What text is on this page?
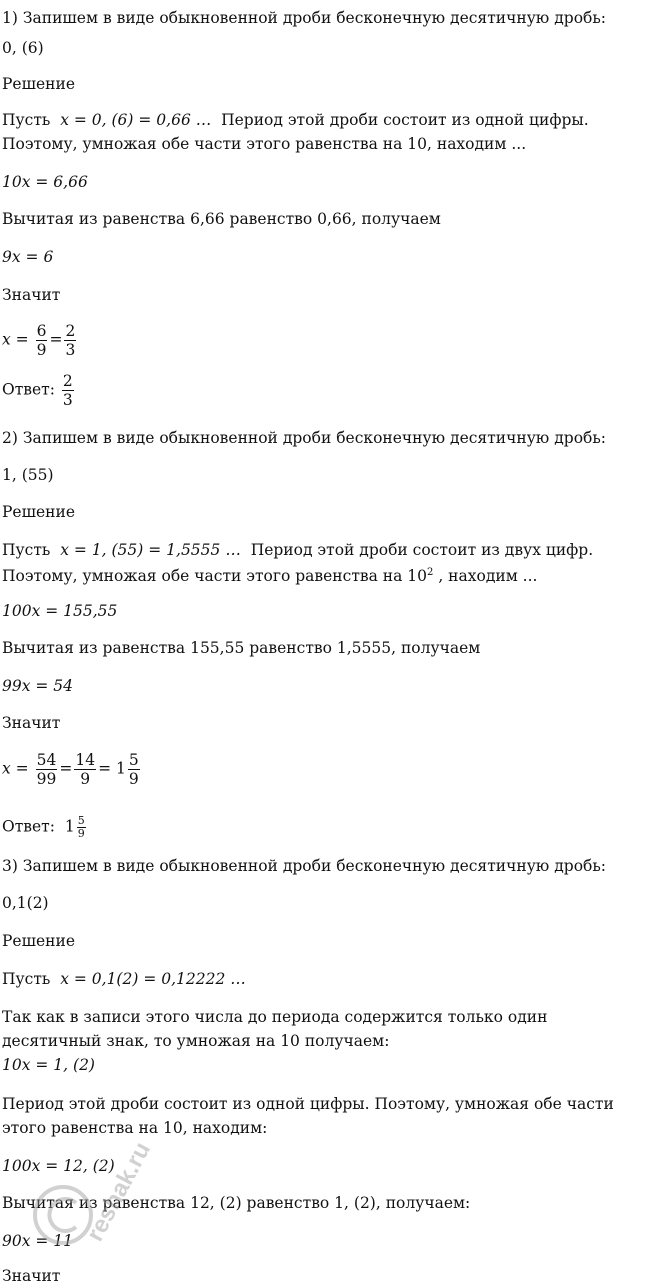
1) Запишем в виде обыкновенной дроби бесконечную десятичную дробь:
0, (6)
Решение
Пусть x = 0, (6) = 0,66 … Период этой дроби состоит из одной цифры.
Поэтому, умножая обе части этого равенства на 10, находим ...
10x = 6,66
Вычитая из равенства 6,66 равенство 0,66, получаем
9x = 6
Значит
$x = \frac{6}{9} = \frac{2}{3}$
Ответ: $\frac{2}{3}$
2) Запишем в виде обыкновенной дроби бесконечную десятичную дробь:
1, (55)
Решение
Пусть x = 1, (55) = 1,5555 … Период этой дроби состоит из двух цифр.
Поэтому, умножая обе части этого равенства на $10^2$ , находим ...
100x = 155,55
Вычитая из равенства 155,55 равенство 1,5555, получаем
99x = 54
Значит
$x = \frac{54}{99} = \frac{14}{9} = 1 \frac{5}{9}$
Ответ: $1 \frac{5}{9}$
3) Запишем в виде обыкновенной дроби бесконечную десятичную дробь:
0,1(2)
Решение
Пусть x = 0,1(2) = 0,12222 …
Так как в записи этого числа до периода содержится только один
десятичный знак, то умножая на 10 получаем:
10x = 1, (2)
Период этой дроби состоит из одной цифры. Поэтому, умножая обе части
этого равенства на 10, находим:
100x = 12, (2)
Вычитая из равенства 12, (2) равенство 1, (2), получаем:
90x = 11
Значит
reshak.ru
